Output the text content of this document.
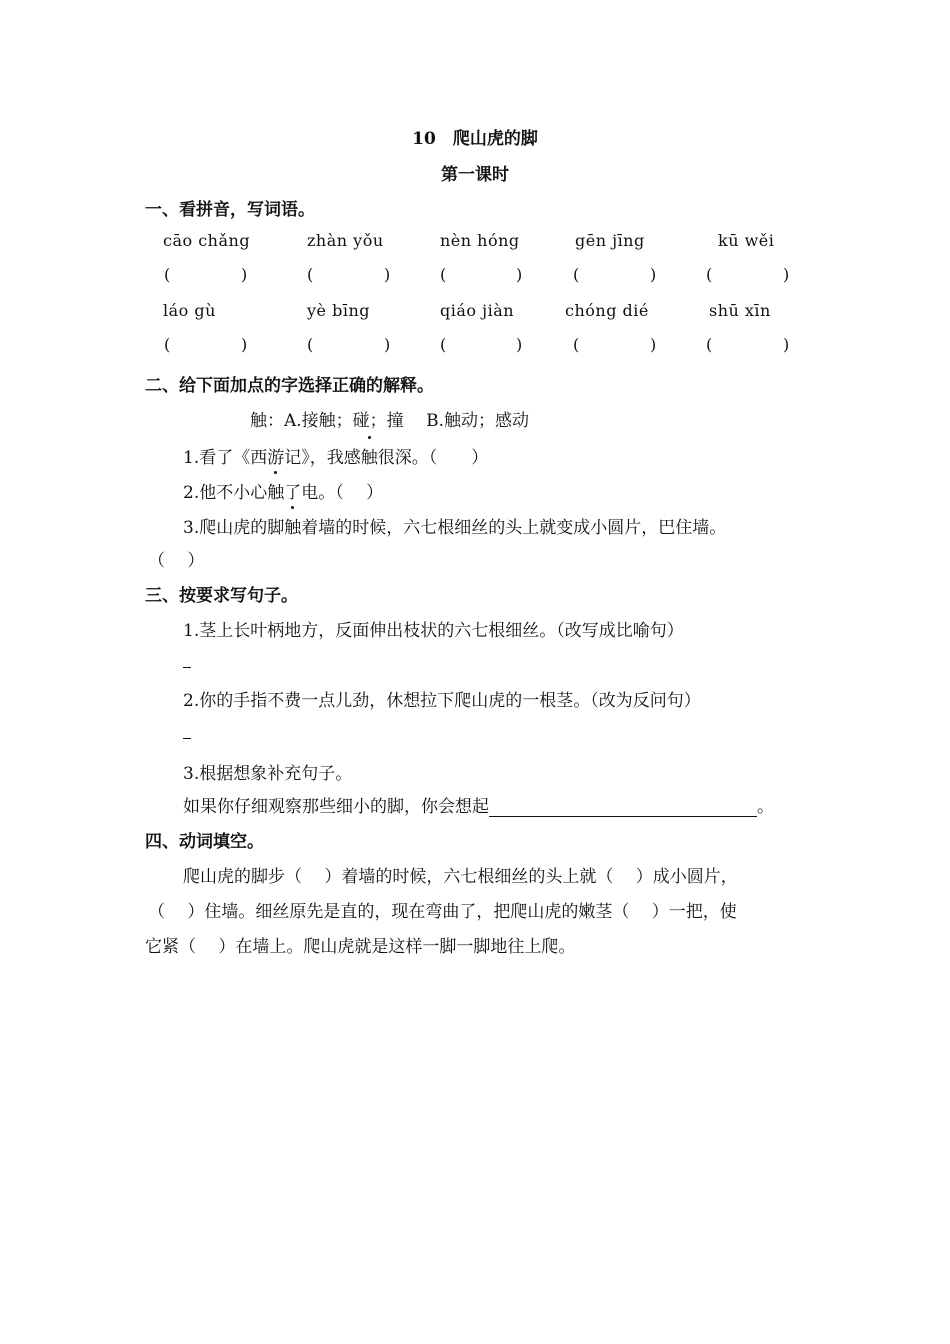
10　爬山虎的脚
第一课时
一、看拼音，写词语。
cāo chǎng	zhàn yǒu	nèn hóng	gēn jīng	kū wěi
(	)	(	)	(	)	(	)	(	)
láo gù	yè bīng	qiáo jiàn	chóng dié	shū xīn
(	)	(	)	(	)	(	)	(	)
二、给下面加点的字选择正确的解释。
触：A.接触；碰；撞　 B.触动；感动
1.看了《西游记》，我感触
很深。（　　）
2.他不小心触
了电。（　 ）
3.爬山虎的脚触
着墙的时候，六七根细丝的头上就变成小圆片，巴住墙。
（　 ）
三、按要求写句子。
1.茎上长叶柄地方，反面伸出枝状的六七根细丝。（改写成比喻句）
2.你的手指不费一点儿劲，休想拉下爬山虎的一根茎。（改为反问句）
3.根据想象补充句子。
如果你仔细观察那些细小的脚，你会想起	。
四、动词填空。
爬山虎的脚步（　 ）着墙的时候，六七根细丝的头上就（　 ）成小圆片，
（　 ）住墙。细丝原先是直的，现在弯曲了，把爬山虎的嫩茎（　 ）一把，使
它紧（　 ）在墙上。爬山虎就是这样一脚一脚地往上爬。
